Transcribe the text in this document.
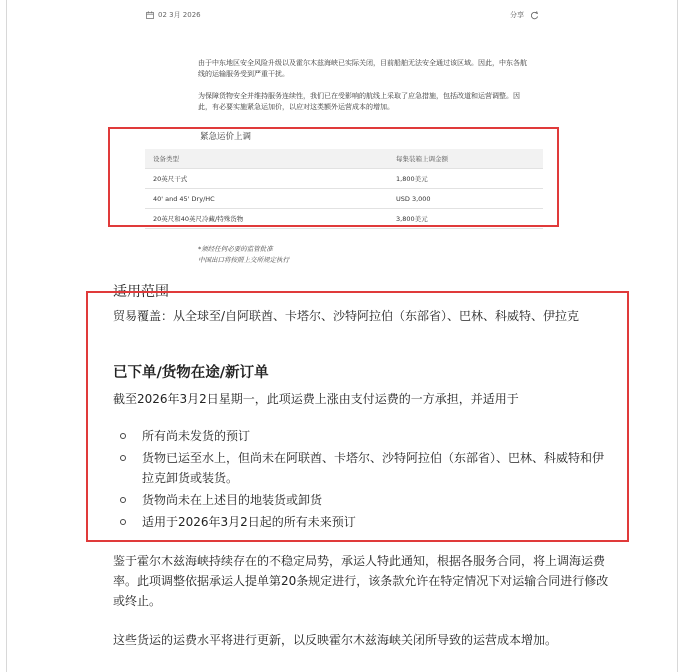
02 3月 2026	分享

由于中东地区安全风险升级以及霍尔木兹海峡已实际关闭，目前船舶无法安全通过该区域。因此，中东各航线的运输服务受到严重干扰。

为保障货物安全并维持服务连续性，我们已在受影响的航线上采取了应急措施，包括改道和运营调整。因此，有必要实施紧急运加价，以应对这类额外运营成本的增加。

紧急运价上调
设备类型	每集装箱上调金额
20英尺干式	1,800美元
40' and 45' Dry/HC	USD 3,000
20英尺和40英尺冷藏/特殊货物	3,800美元
*须经任何必要的监管批准
中国出口将按照上交所规定执行
适用范围

贸易覆盖：从全球至/自阿联酋、卡塔尔、沙特阿拉伯（东部省）、巴林、科威特、伊拉克

已下单/货物在途/新订单

截至2026年3月2日星期一，此项运费上涨由支付运费的一方承担，并适用于

所有尚未发货的预订
货物已运至水上，但尚未在阿联酋、卡塔尔、沙特阿拉伯（东部省）、巴林、科威特和伊拉克卸货或装货。
货物尚未在上述目的地装货或卸货
适用于2026年3月2日起的所有未来预订

鉴于霍尔木兹海峡持续存在的不稳定局势，承运人特此通知，根据各服务合同，将上调海运费率。此项调整依据承运人提单第20条规定进行，该条款允许在特定情况下对运输合同进行修改或终止。

这些货运的运费水平将进行更新，以反映霍尔木兹海峡关闭所导致的运营成本增加。
